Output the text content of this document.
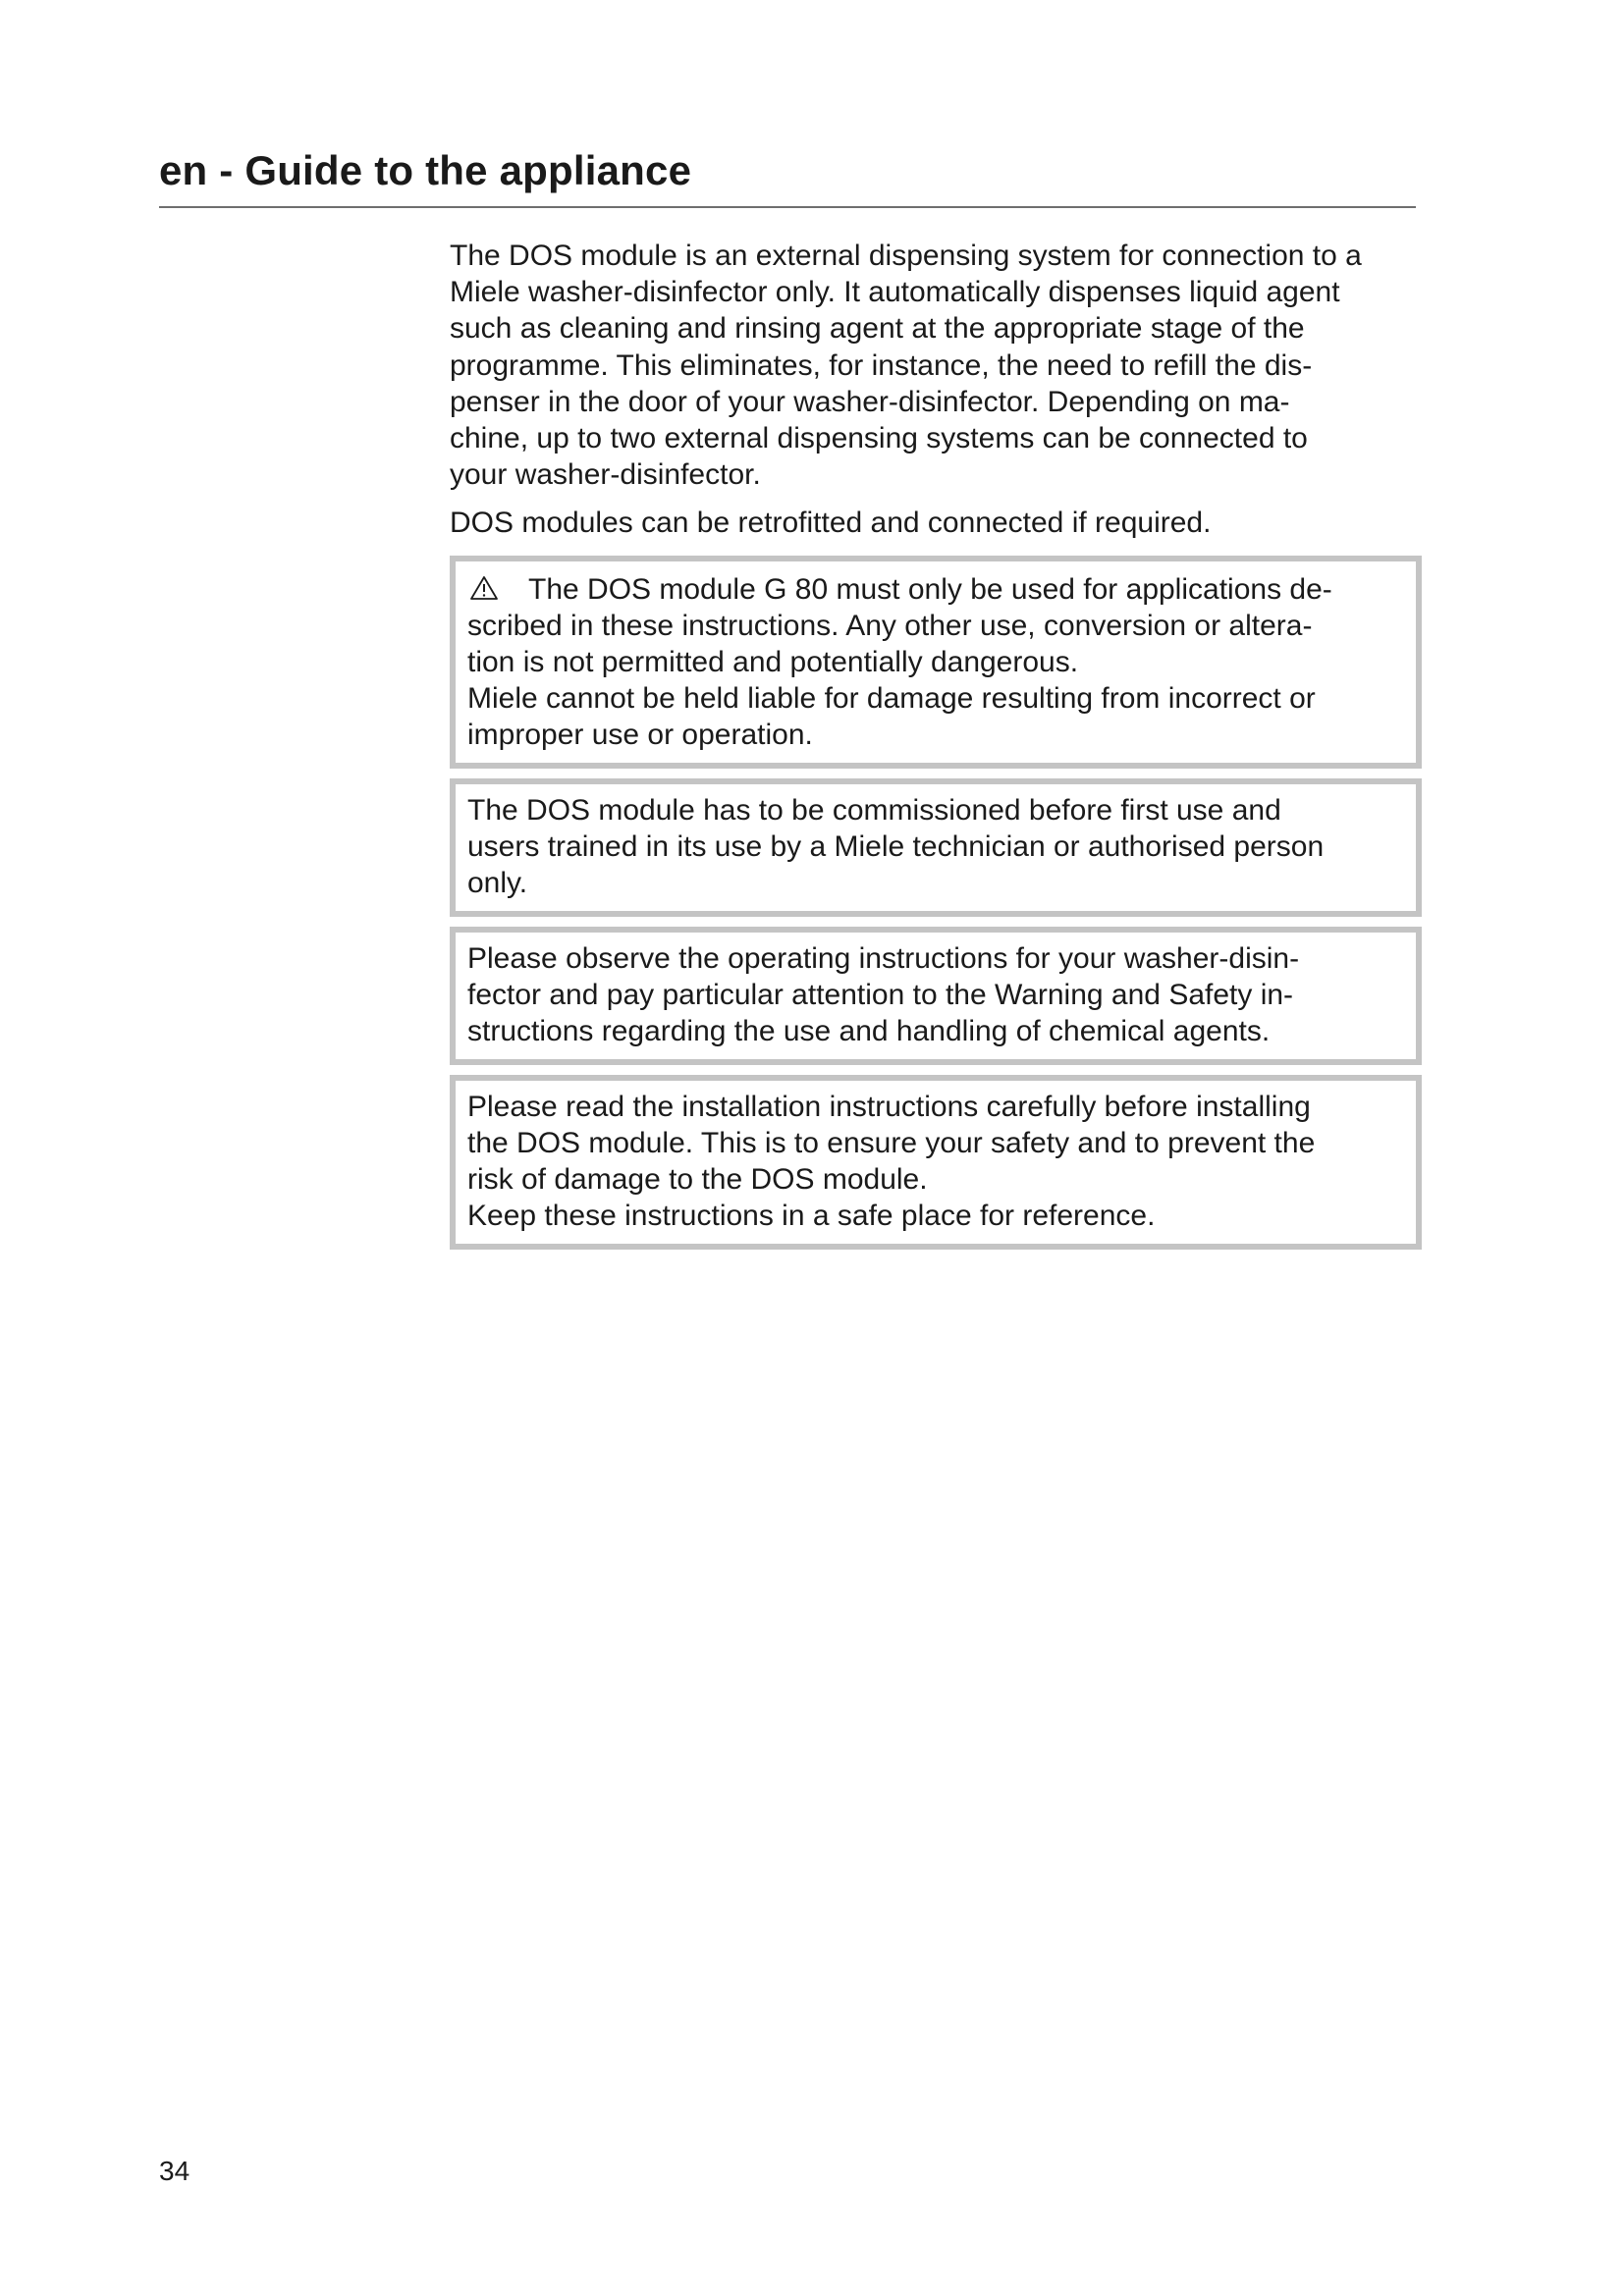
en - Guide to the appliance

The DOS module is an external dispensing system for connection to a
Miele washer-disinfector only. It automatically dispenses liquid agent
such as cleaning and rinsing agent at the appropriate stage of the
programme. This eliminates, for instance, the need to refill the dis-
penser in the door of your washer-disinfector. Depending on ma-
chine, up to two external dispensing systems can be connected to
your washer-disinfector.

DOS modules can be retrofitted and connected if required.

The DOS module G 80 must only be used for applications de-
scribed in these instructions. Any other use, conversion or altera-
tion is not permitted and potentially dangerous.
Miele cannot be held liable for damage resulting from incorrect or
improper use or operation.
The DOS module has to be commissioned before first use and
users trained in its use by a Miele technician or authorised person
only.
Please observe the operating instructions for your washer-disin-
fector and pay particular attention to the Warning and Safety in-
structions regarding the use and handling of chemical agents.
Please read the installation instructions carefully before installing
the DOS module. This is to ensure your safety and to prevent the
risk of damage to the DOS module.
Keep these instructions in a safe place for reference.
34
